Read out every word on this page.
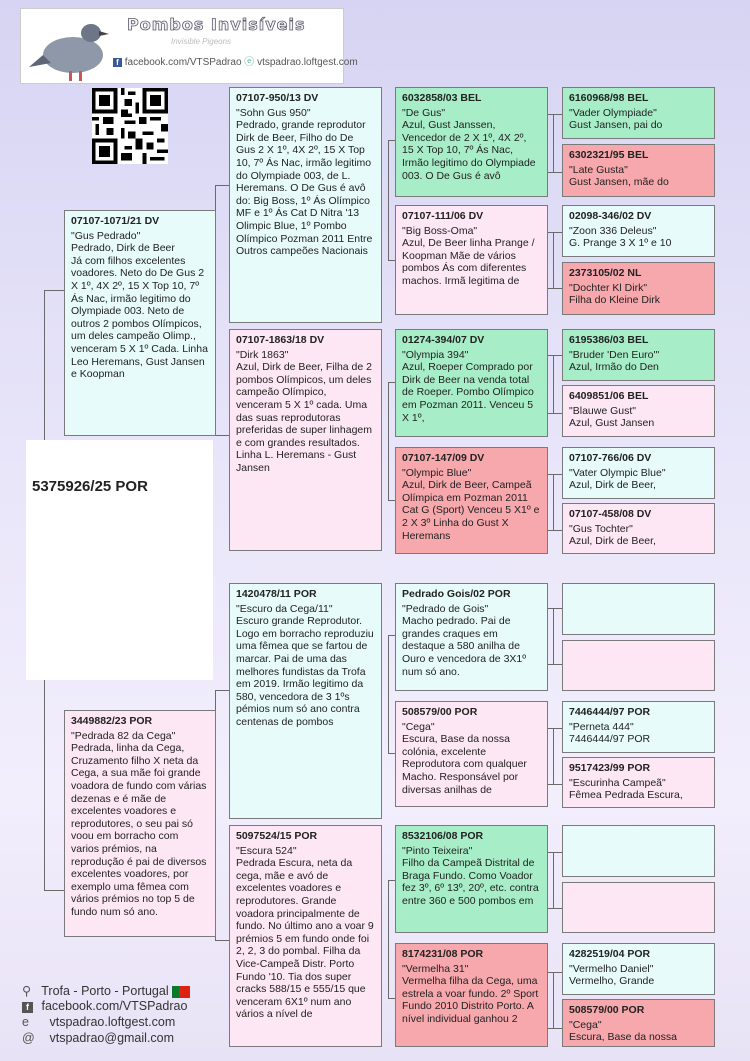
Pombos Invisíveis
Invisible Pigeons
f facebook.com/VTSPadrao ⓔ vtspadrao.loftgest.com
5375926/25 POR
07107-1071/21 DV
"Gus Pedrado"
Pedrado, Dirk de Beer
Já com filhos excelentes voadores. Neto do De Gus 2 X 1º, 4X 2º, 15 X Top 10, 7º Ás Nac, irmão legitimo do Olympiade 003. Neto de outros 2 pombos Olímpicos, um deles campeão Olimp., venceram 5 X 1º Cada. Linha Leo Heremans, Gust Jansen e Koopman
3449882/23 POR
"Pedrada 82 da Cega"
Pedrada, linha da Cega, Cruzamento filho X neta da Cega, a sua mãe foi grande voadora de fundo com várias dezenas e é mãe de excelentes voadores e reprodutores, o seu pai só voou em borracho com varios prémios, na reprodução é pai de diversos excelentes voadores, por exemplo uma fêmea com vários prémios no top 5 de fundo num só ano.
07107-950/13 DV
"Sohn Gus 950"
Pedrado, grande reprodutor Dirk de Beer, Filho do De Gus 2 X 1º, 4X 2º, 15 X Top 10, 7º Ás Nac, irmão legitimo do Olympiade 003, de L. Heremans. O De Gus é avô do: Big Boss, 1º Ás Olímpico MF e 1º Ás Cat D Nitra '13 Olimpic Blue, 1º Pombo Olímpico Pozman 2011 Entre Outros campeões Nacionais
07107-1863/18 DV
"Dirk 1863"
Azul, Dirk de Beer, Filha de 2 pombos Olímpicos, um deles campeão Olímpico, venceram 5 X 1º cada. Uma das suas reprodutoras preferidas de super linhagem e com grandes resultados. Linha L. Heremans - Gust Jansen
1420478/11 POR
"Escuro da Cega/11"
Escuro grande Reprodutor. Logo em borracho reproduziu uma fêmea que se fartou de marcar. Pai de uma das melhores fundistas da Trofa em 2019. Irmão legitimo da 580, vencedora de 3 1ºs pémios num só ano contra centenas de pombos
5097524/15 POR
"Escura 524"
Pedrada Escura, neta da cega, mãe e avó de excelentes voadores e reprodutores. Grande voadora principalmente de fundo. No último ano a voar 9 prémios 5 em fundo onde foi 2, 2, 3 do pombal. Filha da Vice-Campeã Distr. Porto Fundo '10. Tia dos super cracks 588/15 e 555/15 que venceram 6X1º num ano vários a nível de
6032858/03 BEL
"De Gus"
Azul, Gust Janssen, Vencedor de 2 X 1º, 4X 2º, 15 X Top 10, 7º Ás Nac, Irmão legitimo do Olympiade 003. O De Gus é avô
07107-111/06 DV
"Big Boss-Oma"
Azul, De Beer linha Prange / Koopman Mãe de vários pombos Ás com diferentes machos. Irmã legitima de
01274-394/07 DV
"Olympia 394"
Azul, Roeper Comprado por Dirk de Beer na venda total de Roeper. Pombo Olímpico em Pozman 2011. Venceu 5 X 1º,
07107-147/09 DV
"Olympic Blue"
Azul, Dirk de Beer, Campeã Olímpica em Pozman 2011 Cat G (Sport) Venceu 5 X1º e 2 X 3º Linha do Gust X Heremans
Pedrado Gois/02 POR
"Pedrado de Gois"
Macho pedrado. Pai de grandes craques em destaque a 580 anilha de Ouro e vencedora de 3X1º num só ano.
508579/00 POR
"Cega"
Escura, Base da nossa colónia, excelente Reprodutora com qualquer Macho. Responsável por diversas anilhas de
8532106/08 POR
"Pinto Teixeira"
Filho da Campeã Distrital de Braga Fundo. Como Voador fez 3º, 6º 13º, 20º, etc. contra entre 360 e 500 pombos em
8174231/08 POR
"Vermelha 31"
Vermelha filha da Cega, uma estrela a voar fundo. 2º Sport Fundo 2010 Distrito Porto. A nível individual ganhou 2
6160968/98 BEL
"Vader Olympiade"
Gust Jansen, pai do
6302321/95 BEL
"Late Gusta"
Gust Jansen, mãe do
02098-346/02 DV
"Zoon 336 Deleus"
G. Prange 3 X 1º e 10
2373105/02 NL
"Dochter Kl Dirk"
Filha do Kleine Dirk
6195386/03 BEL
"Bruder 'Den Euro'"
Azul, Irmão do Den
6409851/06 BEL
"Blauwe Gust"
Azul, Gust Jansen
07107-766/06 DV
"Vater Olympic Blue"
Azul, Dirk de Beer,
07107-458/08 DV
"Gus Tochter"
Azul, Dirk de Beer,
7446444/97 POR
"Perneta 444"
7446444/97 POR
9517423/99 POR
"Escurinha Campeã"
Fêmea Pedrada Escura,
4282519/04 POR
"Vermelho Daniel"
Vermelho, Grande
508579/00 POR
"Cega"
Escura, Base da nossa
⚲ Trofa - Porto - Portugal
f facebook.com/VTSPadrao
e vtspadrao.loftgest.com
@ vtspadrao@gmail.com
